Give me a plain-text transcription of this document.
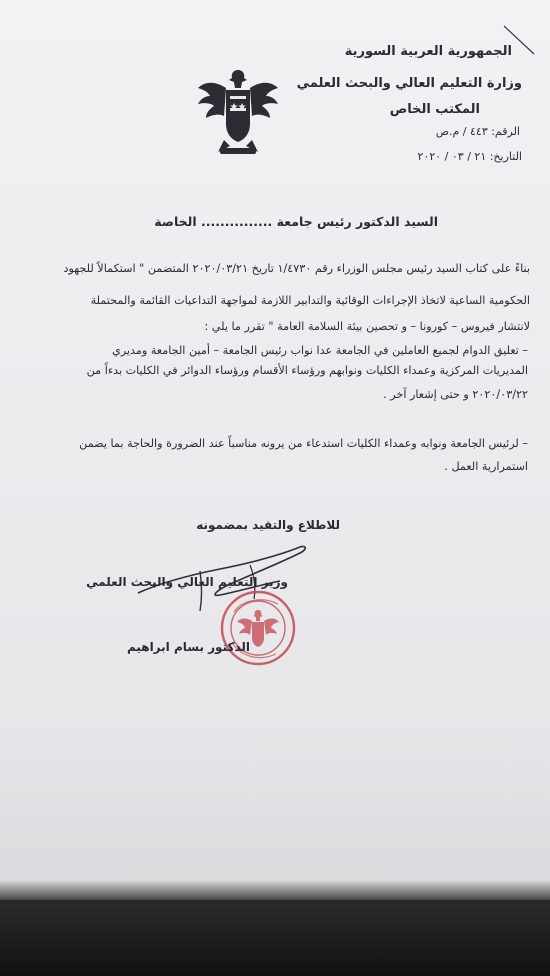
الجمهورية العربية السورية
وزارة التعليم العالي والبحث العلمي
المكتب الخاص
الرقم: ٤٤٣ / م.ص
التاريخ: ٢١ / ٠٣ / ٢٠٢٠
السيد الدكتور رئيس جامعة ............... الخاصة
بناءً على كتاب السيد رئيس مجلس الوزراء رقم ١/٤٧٣٠ تاريخ ٢٠٢٠/٠٣/٢١ المتضمن " استكمالاً للجهود
الحكومية الساعية لاتخاذ الإجراءات الوقائية والتدابير اللازمة لمواجهة التداعيات القائمة والمحتملة
لانتشار فيروس – كورونا – و تحصين بيئة السلامة العامة " تقرر ما يلي :
– تعليق الدوام لجميع العاملين في الجامعة عدا نواب رئيس الجامعة – أمين الجامعة ومديري
المديريات المركزية وعمداء الكليات ونوابهم ورؤساء الأقسام ورؤساء الدوائر في الكليات بدءاً من
٢٠٢٠/٠٣/٢٢ و حتى إشعار آخر .
– لرئيس الجامعة ونوابه وعمداء الكليات استدعاء من يرونه مناسباً عند الضرورة والحاجة بما يضمن
استمرارية العمل .
للاطلاع والتقيد بمضمونه
وزير التعليم العالي والبحث العلمي
الدكتور بسام ابراهيم
